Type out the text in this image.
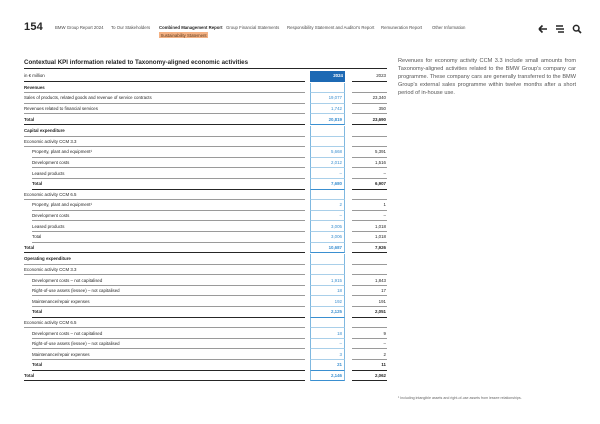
154	BMW Group Report 2024 To Our Stakeholders Combined Management Report Group Financial Statements Responsibility Statement and Auditor's Report Remuneration Report Other Information
Sustainability Statement
Contextual KPI information related to Taxonomy-aligned economic activities
in € million	2024	2023
Revenues
Sales of products, related goods and revenue of service contracts	19,077	23,340
Revenues related to financial services	1,742	350
Total	20,819	23,690
Capital expenditure
Economic activity CCM 3.3
Property, plant and equipment¹	5,668	5,391
Development costs	2,012	1,516
Leased products	–	–
Total	7,680	6,907
Economic activity CCM 6.5
Property, plant and equipment¹	2	1
Development costs	–	–
Leased products	3,005	1,018
Total	3,006	1,018
Total	10,687	7,926
Operating expenditure
Economic activity CCM 3.3
Development costs – not capitalised	1,915	1,843
Right-of-use assets (lessee) – not capitalised	18	17
Maintenance/repair expenses	192	191
Total	2,125	2,051
Economic activity CCM 6.5
Development costs – not capitalised	18	9
Right-of-use assets (lessee) – not capitalised	–	–
Maintenance/repair expenses	3	2
Total	21	11
Total	2,146	2,062
Revenues for economy activity CCM 3.3 include small amounts from Taxonomy-aligned activities related to the BMW Group's company car programme. These company cars are generally transferred to the BMW Group's external sales programme within twelve months after a short period of in-house use.
¹ Including intangible assets and right-of-use assets from lessee relationships.
